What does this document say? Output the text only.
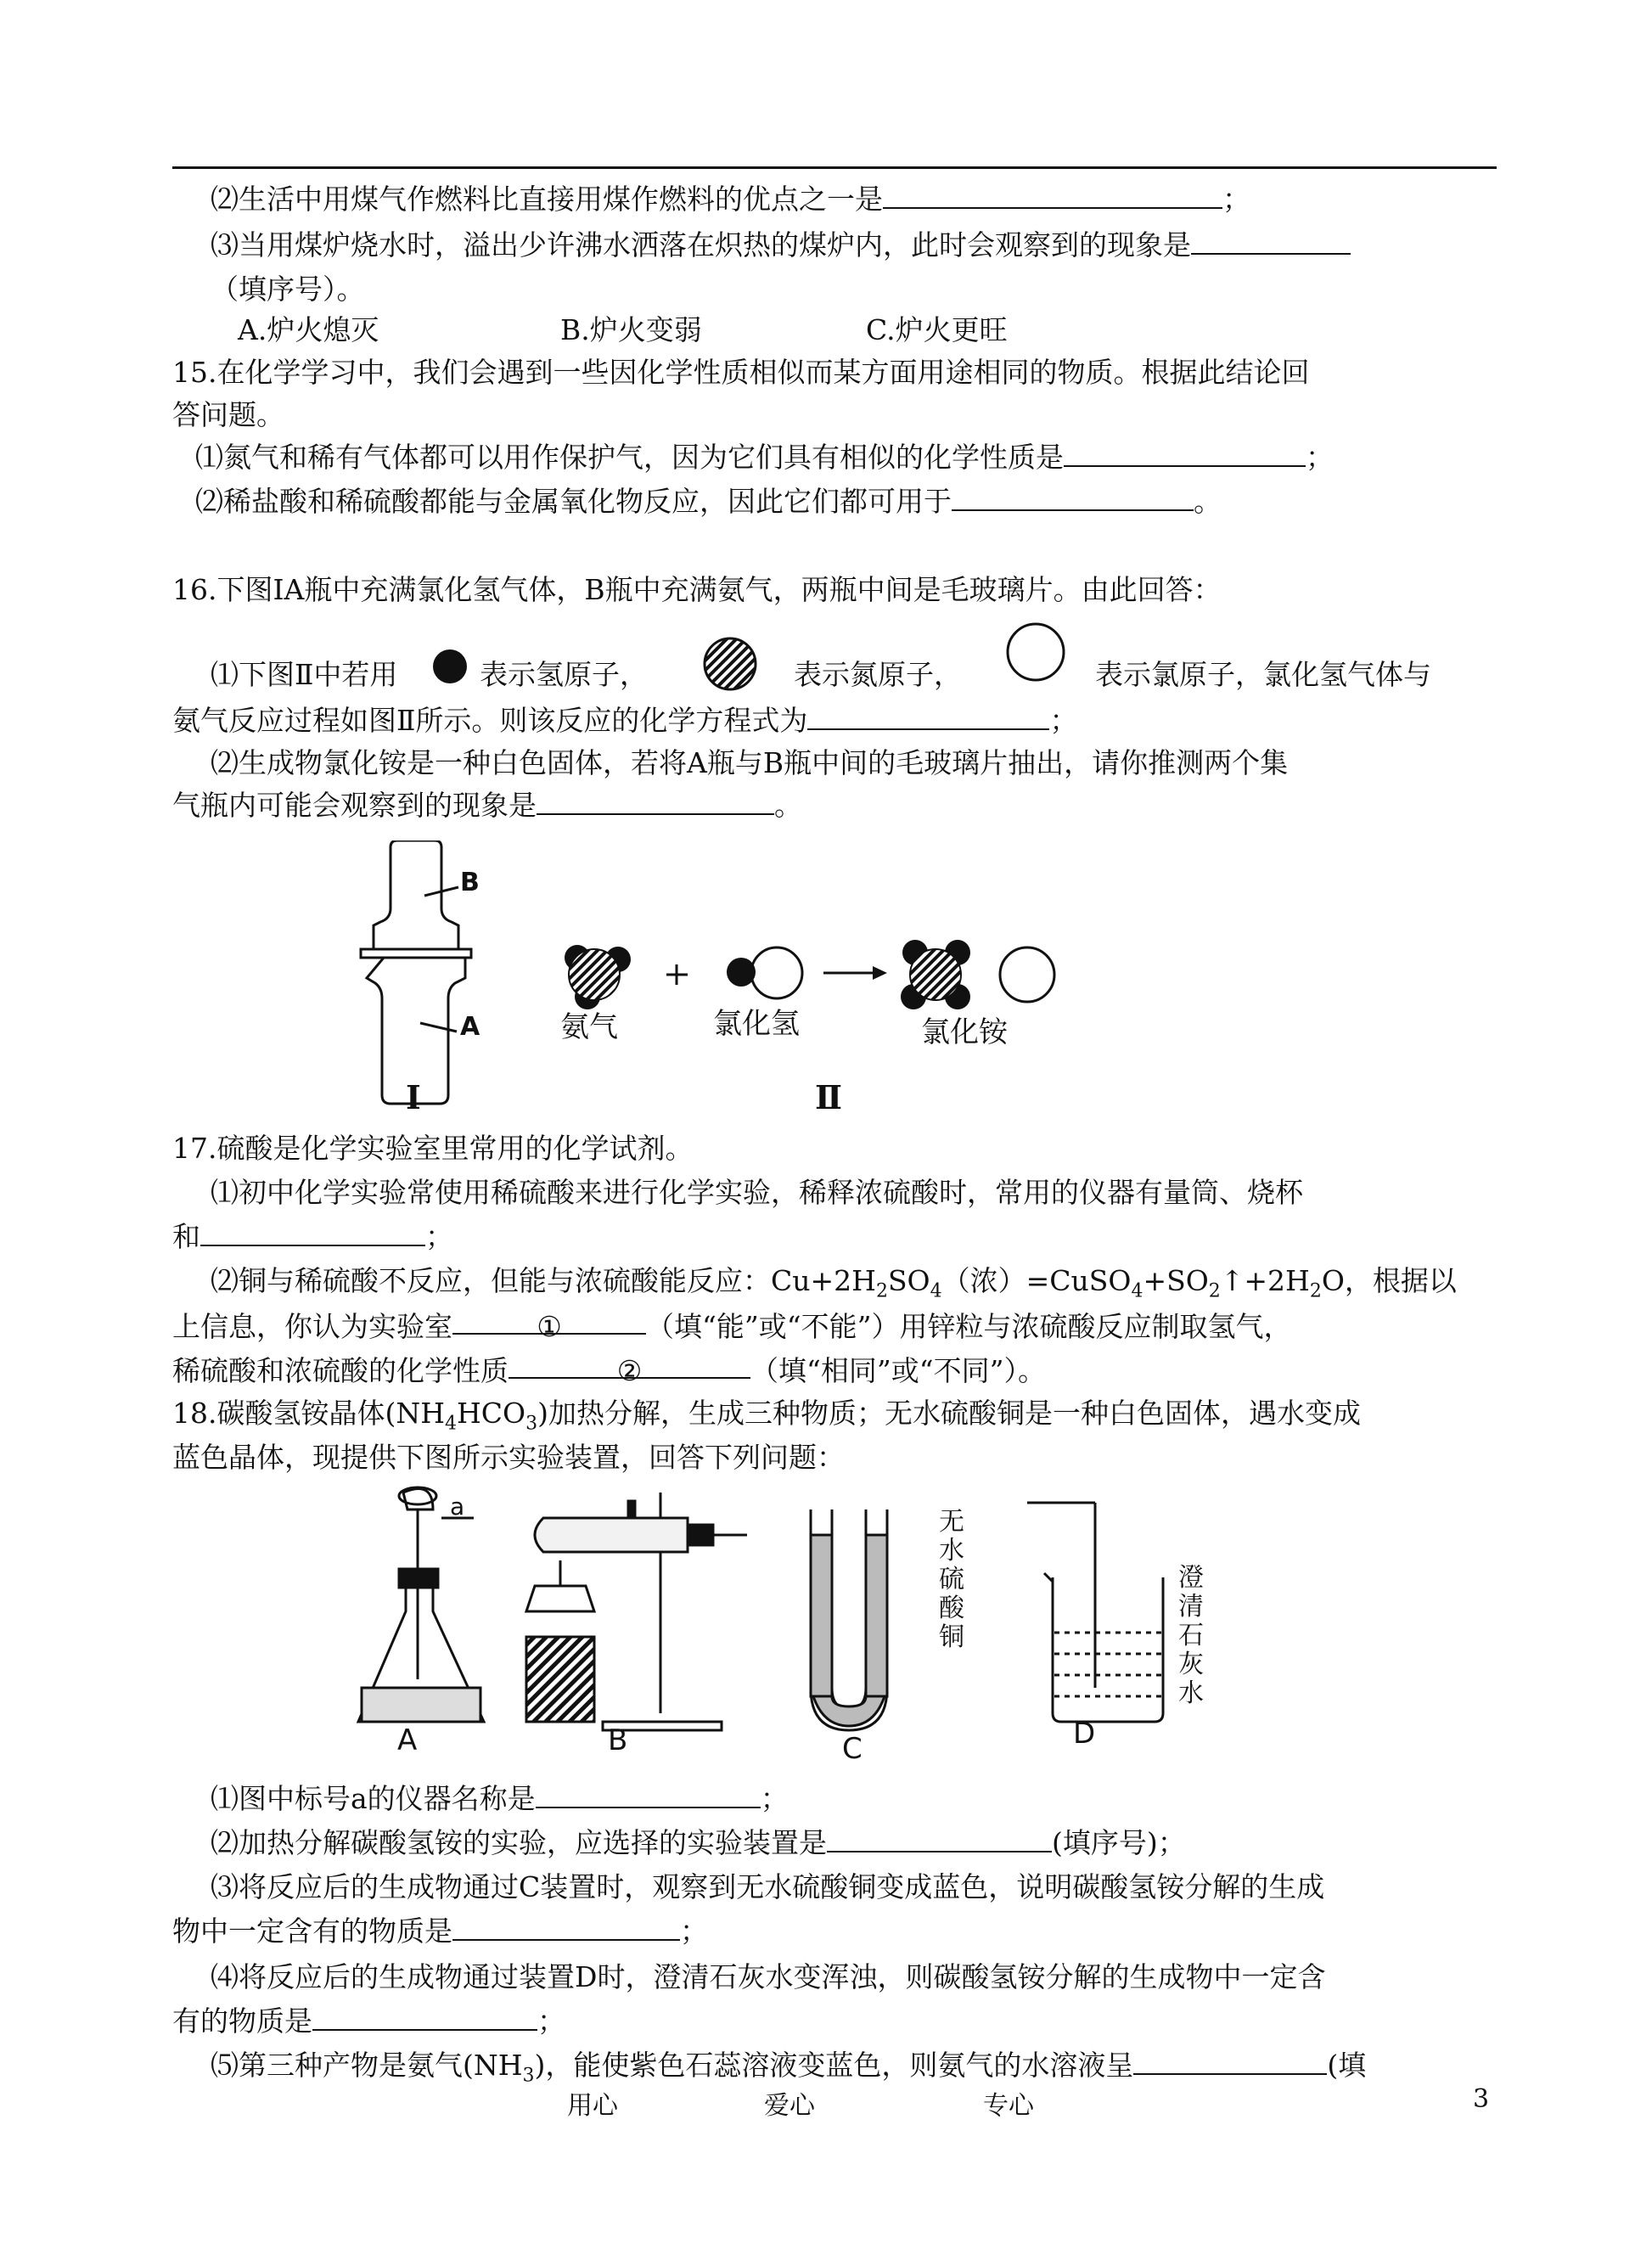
⑵生活中用煤气作燃料比直接用煤作燃料的优点之一是	；
⑶当用煤炉烧水时，溢出少许沸水洒落在炽热的煤炉内，此时会观察到的现象是
（填序号）。
A.炉火熄灭	B.炉火变弱	C.炉火更旺
15.在化学学习中，我们会遇到一些因化学性质相似而某方面用途相同的物质。根据此结论回
答问题。
⑴氮气和稀有气体都可以用作保护气，因为它们具有相似的化学性质是	；
⑵稀盐酸和稀硫酸都能与金属氧化物反应，因此它们都可用于	。
16.下图ⅠA瓶中充满氯化氢气体，B瓶中充满氨气，两瓶中间是毛玻璃片。由此回答：
⑴下图Ⅱ中若用	表示氢原子，	表示氮原子，	表示氯原子，氯化氢气体与
氨气反应过程如图Ⅱ所示。则该反应的化学方程式为	；
⑵生成物氯化铵是一种白色固体，若将A瓶与B瓶中间的毛玻璃片抽出，请你推测两个集
气瓶内可能会观察到的现象是	。
B
A
Ⅰ
氨气	氯化氢	氯化铵
Ⅱ
17.硫酸是化学实验室里常用的化学试剂。
⑴初中化学实验常使用稀硫酸来进行化学实验，稀释浓硫酸时，常用的仪器有量筒、烧杯
和	；
⑵铜与稀硫酸不反应，但能与浓硫酸能反应：$Cu+2H_2SO_4$（浓）$=CuSO_4+SO_2↑+2H_2O$，根据以
上信息，你认为实验室	①	（填“能”或“不能”）用锌粒与浓硫酸反应制取氢气，
稀硫酸和浓硫酸的化学性质	②	（填“相同”或“不同”）。
18.碳酸氢铵晶体$(NH_4HCO_3)$加热分解，生成三种物质；无水硫酸铜是一种白色固体，遇水变成
蓝色晶体，现提供下图所示实验装置，回答下列问题：
a
A	B	C	D
无
水
硫
酸
铜
澄
清
石
灰
水
⑴图中标号a的仪器名称是	；
⑵加热分解碳酸氢铵的实验，应选择的实验装置是	(填序号)；
⑶将反应后的生成物通过C装置时，观察到无水硫酸铜变成蓝色，说明碳酸氢铵分解的生成
物中一定含有的物质是	；
⑷将反应后的生成物通过装置D时，澄清石灰水变浑浊，则碳酸氢铵分解的生成物中一定含
有的物质是	；
⑸第三种产物是氨气$(NH_3)$，能使紫色石蕊溶液变蓝色，则氨气的水溶液呈	(填
用心	爱心	专心	3
